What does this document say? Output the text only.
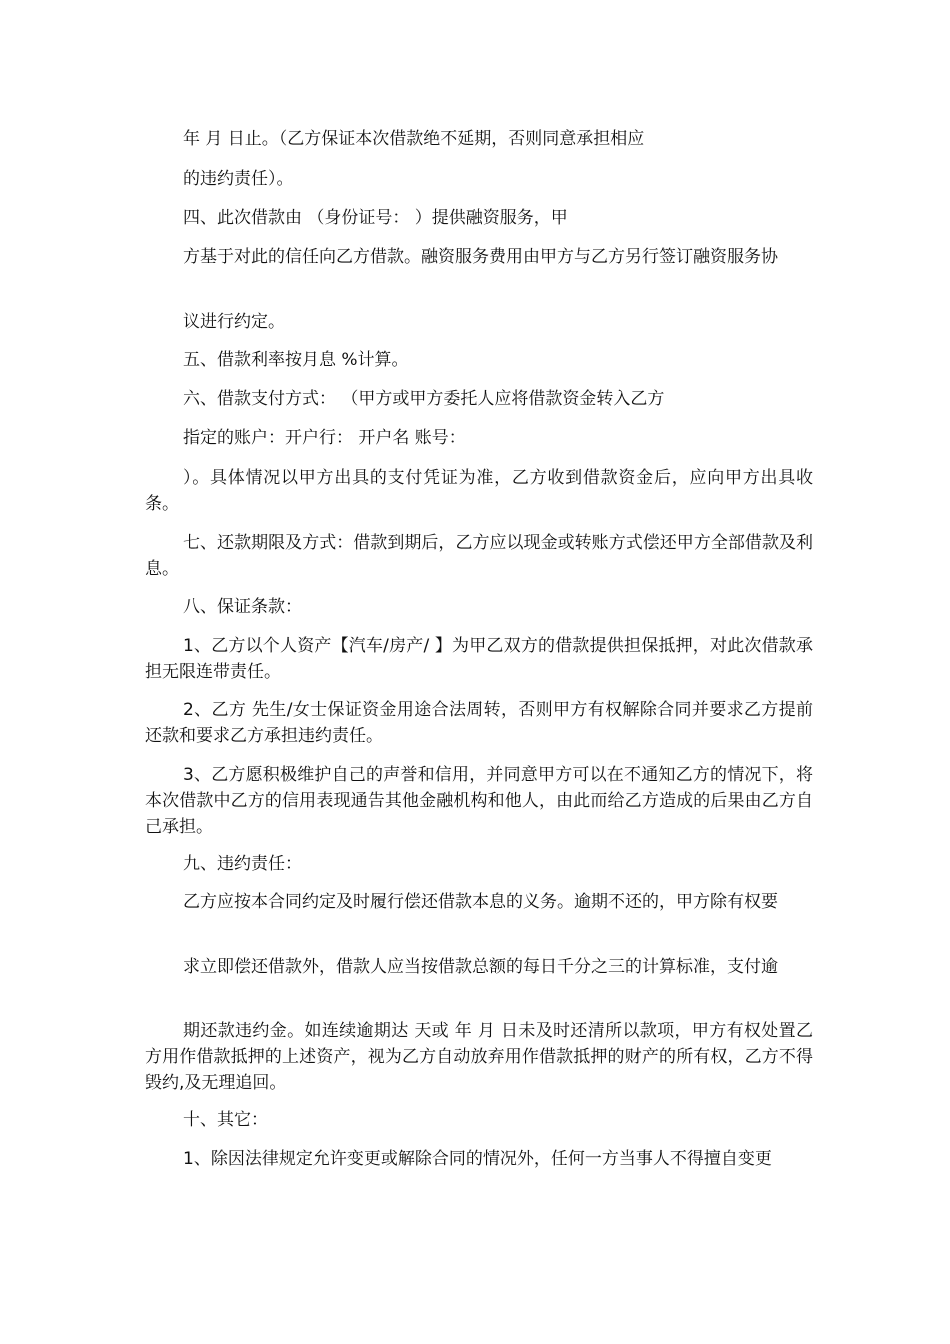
年 月 日止。（乙方保证本次借款绝不延期，否则同意承担相应
的违约责任）。
四、此次借款由 （身份证号： ）提供融资服务，甲
方基于对此的信任向乙方借款。融资服务费用由甲方与乙方另行签订融资服务协
议进行约定。
五、借款利率按月息 %计算。
六、借款支付方式： （甲方或甲方委托人应将借款资金转入乙方
指定的账户：开户行： 开户名 账号：
）。具体情况以甲方出具的支付凭证为准，乙方收到借款资金后，应向甲方出具收条。
七、还款期限及方式：借款到期后，乙方应以现金或转账方式偿还甲方全部借款及利息。
八、保证条款：
1、乙方以个人资产【汽车/房产/ 】为甲乙双方的借款提供担保抵押，对此次借款承担无限连带责任。
2、乙方 先生/女士保证资金用途合法周转，否则甲方有权解除合同并要求乙方提前还款和要求乙方承担违约责任。
3、乙方愿积极维护自己的声誉和信用，并同意甲方可以在不通知乙方的情况下，将本次借款中乙方的信用表现通告其他金融机构和他人，由此而给乙方造成的后果由乙方自己承担。
九、违约责任：
乙方应按本合同约定及时履行偿还借款本息的义务。逾期不还的，甲方除有权要
求立即偿还借款外，借款人应当按借款总额的每日千分之三的计算标准，支付逾
期还款违约金。如连续逾期达 天或 年 月 日未及时还清所以款项，甲方有权处置乙方用作借款抵押的上述资产，视为乙方自动放弃用作借款抵押的财产的所有权，乙方不得毁约,及无理追回。
十、其它：
1、除因法律规定允许变更或解除合同的情况外，任何一方当事人不得擅自变更
